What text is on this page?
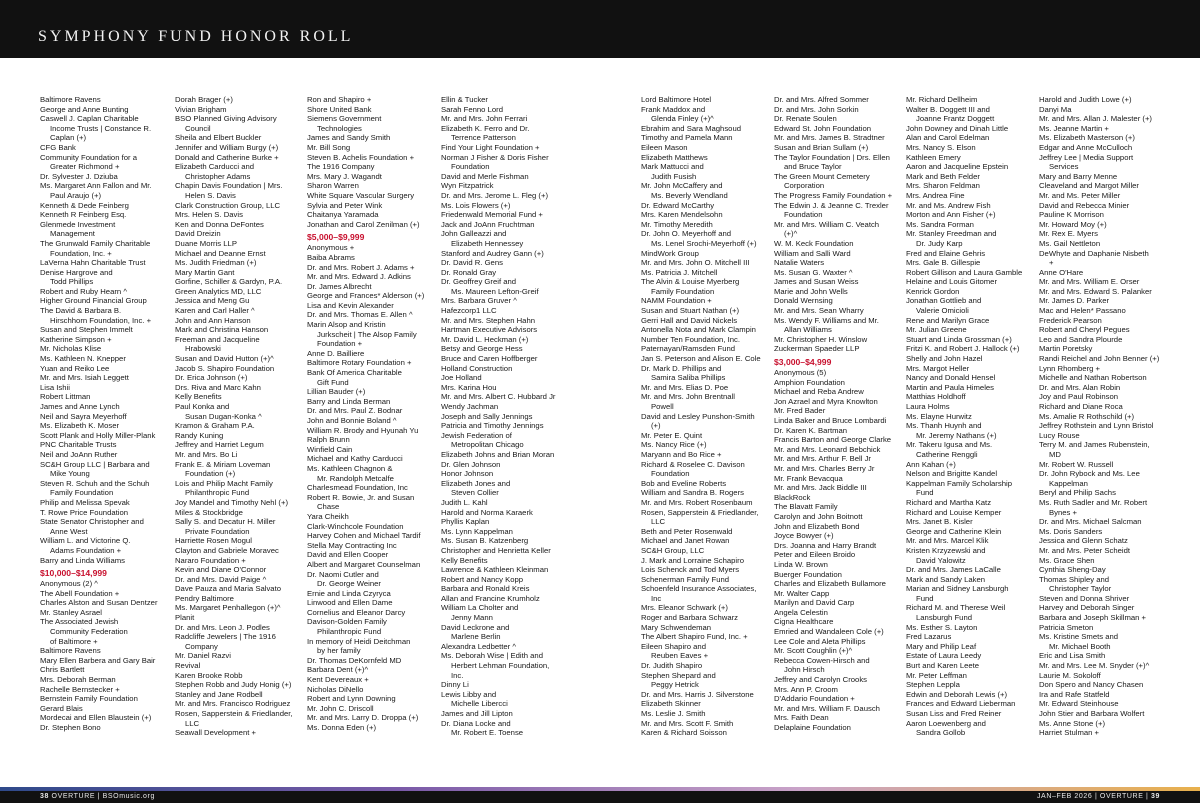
SYMPHONY FUND HONOR ROLL
Baltimore Ravens
George and Anne Bunting
Caswell J. Caplan Charitable
Income Trusts | Constance R.
Caplan (+)
CFG Bank
Community Foundation for a
Greater Richmond +
Dr. Sylvester J. Dziuba
Ms. Margaret Ann Fallon and Mr.
Paul Araujo (+)
Kenneth & Dede Feinberg
Kenneth R Feinberg Esq.
Glenmede Investment
Management
The Grunwald Family Charitable
Foundation, Inc. +
LaVerna Hahn Charitable Trust
Denise Hargrove and
Todd Phillips
Robert and Ruby Hearn ^
Higher Ground Financial Group
The David & Barbara B.
Hirschhorn Foundation, Inc. +
Susan and Stephen Immelt
Katherine Simpson +
Mr. Nicholas Klise
Ms. Kathleen N. Knepper
Yuan and Reiko Lee
Mr. and Mrs. Isiah Leggett
Lisa Ishii
Robert Littman
James and Anne Lynch
Neil and Sayra Meyerhoff
Ms. Elizabeth K. Moser
Scott Plank and Holly Miller-Plank
PNC Charitable Trusts
Neil and JoAnn Ruther
SC&H Group LLC | Barbara and
Mike Young
Steven R. Schuh and the Schuh
Family Foundation
Philip and Melissa Spevak
T. Rowe Price Foundation
State Senator Christopher and
Anne West
William L. and Victorine Q.
Adams Foundation +
Barry and Linda Williams
$10,000–$14,999
Anonymous (2) ^
The Abell Foundation +
Charles Alston and Susan Dentzer
Mr. Stanley Asrael
The Associated Jewish
Community Federation
of Baltimore +
Baltimore Ravens
Mary Ellen Barbera and Gary Bair
Chris Bartlett
Mrs. Deborah Berman
Rachelle Bernstecker +
Bernstein Family Foundation
Gerard Blais
Mordecai and Ellen Blaustein (+)
Dr. Stephen Bono
Dorah Brager (+)
Vivian Brigham
BSO Planned Giving Advisory
Council
Sheila and Elbert Buckler
Jennifer and William Burgy (+)
Donald and Catherine Burke +
Elizabeth Carducci and
Christopher Adams
Chapin Davis Foundation | Mrs.
Helen S. Davis
Clark Construction Group, LLC
Mrs. Helen S. Davis
Ken and Donna DeFontes
David Dreizin
Duane Morris LLP
Michael and Deanne Ernst
Ms. Judith Friedman (+)
Mary Martin Gant
Gorfine, Schiller & Gardyn, P.A.
Green Analytics MD, LLC
Jessica and Meng Gu
Karen and Carl Haller ^
John and Ann Hanson
Mark and Christina Hanson
Freeman and Jacqueline
Hrabowski
Susan and David Hutton (+)^
Jacob S. Shapiro Foundation
Dr. Erica Johnson (+)
Drs. Riva and Marc Kahn
Kelly Benefits
Paul Konka and
Susan Dugan-Konka ^
Kramon & Graham P.A.
Randy Kuning
Jeffrey and Harriet Legum
Mr. and Mrs. Bo Li
Frank E. & Miriam Loveman
Foundation (+)
Lois and Philip Macht Family
Philanthropic Fund
Joy Mandel and Timothy Nehl (+)
Miles & Stockbridge
Sally S. and Decatur H. Miller
Private Foundation
Harriette Rosen Mogul
Clayton and Gabriele Moravec
Nararo Foundation +
Kevin and Diane O'Connor
Dr. and Mrs. David Paige ^
Dave Pauza and Maria Salvato
Pendry Baltimore
Ms. Margaret Penhallegon (+)^
Planit
Dr. and Mrs. Leon J. Podles
Radcliffe Jewelers | The 1916
Company
Mr. Daniel Razvi
Revival
Karen Brooke Robb
Stephen Robb and Judy Honig (+)
Stanley and Jane Rodbell
Mr. and Mrs. Francisco Rodriguez
Rosen, Sapperstein & Friedlander,
LLC
Seawall Development +
Ron and Shapiro +
Shore United Bank
Siemens Government
Technologies
James and Sandy Smith
Mr. Bill Song
Steven B. Achelis Foundation +
The 1916 Company
Mrs. Mary J. Wagandt
Sharon Warren
White Square Vascular Surgery
Sylvia and Peter Wink
Chaitanya Yaramada
Jonathan and Carol Zenilman (+)
$5,000–$9,999
Anonymous +
Baiba Abrams
Dr. and Mrs. Robert J. Adams +
Mr. and Mrs. Edward J. Adkins
Dr. James Albrecht
George and Frances* Alderson (+)
Lisa and Kevin Alexander
Dr. and Mrs. Thomas E. Allen ^
Marin Alsop and Kristin
Jurkscheit | The Alsop Family
Foundation +
Anne D. Bailliere
Baltimore Rotary Foundation +
Bank Of America Charitable
Gift Fund
Lillian Bauder (+)
Barry and Linda Berman
Dr. and Mrs. Paul Z. Bodnar
John and Bonnie Boland ^
William R. Brody and Hyunah Yu
Ralph Brunn
Winfield Cain
Michael and Kathy Carducci
Ms. Kathleen Chagnon &
Mr. Randolph Metcalfe
Charlesmead Foundation, Inc
Robert R. Bowie, Jr. and Susan
Chase
Yara Cheikh
Clark-Winchcole Foundation
Harvey Cohen and Michael Tardif
Stella May Contracting Inc
David and Ellen Cooper
Albert and Margaret Counselman
Dr. Naomi Cutler and
Dr. George Weiner
Ernie and Linda Czyryca
Linwood and Ellen Dame
Cornelius and Eleanor Darcy
Davison-Golden Family
Philanthropic Fund
In memory of Heidi Deitchman
by her family
Dr. Thomas DeKornfeld MD
Barbara Dent (+)^
Kent Devereaux +
Nicholas DiNello
Robert and Lynn Downing
Mr. John C. Driscoll
Mr. and Mrs. Larry D. Droppa (+)
Ms. Donna Eden (+)
Ellin & Tucker
Sarah Fenno Lord
Mr. and Mrs. John Ferrari
Elizabeth K. Ferro and Dr.
Terrence Patterson
Find Your Light Foundation +
Norman J Fisher & Doris Fisher
Foundation
David and Merle Fishman
Wyn Fitzpatrick
Dr. and Mrs. Jerome L. Fleg (+)
Ms. Lois Flowers (+)
Friedenwald Memorial Fund +
Jack and JoAnn Fruchtman
John Galleazzi and
Elizabeth Hennessey
Stanford and Audrey Gann (+)
Dr. David R. Gens
Dr. Ronald Gray
Dr. Geoffrey Greif and
Ms. Maureen Lefton-Greif
Mrs. Barbara Gruver ^
Hafezcorp1 LLC
Mr. and Mrs. Stephen Hahn
Hartman Executive Advisors
Mr. David L. Heckman (+)
Betsy and George Hess
Bruce and Caren Hoffberger
Holland Construction
Joe Holland
Mrs. Karina Hou
Mr. and Mrs. Albert C. Hubbard Jr
Wendy Jachman
Joseph and Sally Jennings
Patricia and Timothy Jennings
Jewish Federation of
Metropolitan Chicago
Elizabeth Johns and Brian Moran
Dr. Glen Johnson
Honor Johnson
Elizabeth Jones and
Steven Collier
Judith L. Kahl
Harold and Norma Karaerk
Phyllis Kaplan
Ms. Lynn Kappelman
Ms. Susan B. Katzenberg
Christopher and Henrietta Keller
Kelly Benefits
Lawrence & Kathleen Kleinman
Robert and Nancy Kopp
Barbara and Ronald Kreis
Allan and Francine Krumholz
William La Cholter and
Jenny Mann
David Leckrone and
Marlene Berlin
Alexandra Ledbetter ^
Ms. Deborah Wise | Edith and
Herbert Lehman Foundation,
Inc.
Dinny Li
Lewis Libby and
Michelle Libercci
James and Jill Lipton
Dr. Diana Locke and
Mr. Robert E. Toense
Lord Baltimore Hotel
Frank Maddox and
Glenda Finley (+)^
Ebrahim and Sara Maghsoud
Timothy and Pamela Mann
Eileen Mason
Elizabeth Matthews
Mark Mattucci and
Judith Fusish
Mr. John McCaffery and
Ms. Beverly Wendland
Dr. Edward McCarthy
Mrs. Karen Mendelsohn
Mr. Timothy Meredith
Dr. John O. Meyerhoff and
Ms. Lenel Srochi-Meyerhoff (+)
MindWork Group
Mr. and Mrs. John O. Mitchell III
Ms. Patricia J. Mitchell
The Alvin & Louise Myerberg
Family Foundation
NAMM Foundation +
Susan and Stuart Nathan (+)
Gerri Hall and David Nickels
Antonella Nota and Mark Clampin
Number Ten Foundation, Inc.
Paternayan/Ramsden Fund
Jan S. Peterson and Alison E. Cole
Dr. Mark D. Phillips and
Samira Saliba Phillips
Mr. and Mrs. Elias D. Poe
Mr. and Mrs. John Brentnall
Powell
David and Lesley Punshon-Smith
(+)
Mr. Peter E. Quint
Ms. Nancy Rice (+)
Maryann and Bo Rice +
Richard & Roselee C. Davison
Foundation
Bob and Eveline Roberts
William and Sandra B. Rogers
Mr. and Mrs. Robert Rosenbaum
Rosen, Sapperstein & Friedlander,
LLC
Beth and Peter Rosenwald
Michael and Janet Rowan
SC&H Group, LLC
J. Mark and Lorraine Schapiro
Lois Schenck and Tod Myers
Schenerman Family Fund
Schoenfeld Insurance Associates,
Inc
Mrs. Eleanor Schwark (+)
Roger and Barbara Schwarz
Mary Schwendeman
The Albert Shapiro Fund, Inc. +
Eileen Shapiro and
Reuben Eaves +
Dr. Judith Shapiro
Stephen Shepard and
Peggy Hetrick
Dr. and Mrs. Harris J. Silverstone
Elizabeth Skinner
Ms. Leslie J. Smith
Mr. and Mrs. Scott F. Smith
Karen & Richard Soisson
Dr. and Mrs. Alfred Sommer
Dr. and Mrs. John Sorkin
Dr. Renate Soulen
Edward St. John Foundation
Mr. and Mrs. James B. Stradtner
Susan and Brian Sullam (+)
The Taylor Foundation | Drs. Ellen
and Bruce Taylor
The Green Mount Cemetery
Corporation
The Progress Family Foundation +
The Edwin J. & Jeanne C. Trexler
Foundation
Mr. and Mrs. William C. Veatch
(+)^
W. M. Keck Foundation
William and Salli Ward
Natalie Waters
Ms. Susan G. Waxter ^
James and Susan Weiss
Marie and John Wells
Donald Wernsing
Mr. and Mrs. Sean Wharry
Ms. Wendy F. Williams and Mr.
Allan Williams
Mr. Christopher H. Winslow
Zuckerman Spaeder LLP
$3,000–$4,999
Anonymous (5)
Amphion Foundation
Michael and Reba Andrew
Jon Azrael and Myra Knowlton
Mr. Fred Bader
Linda Baker and Bruce Lombardi
Dr. Karen K. Bartman
Francis Barton and George Clarke
Mr. and Mrs. Leonard Bebchick
Mr. and Mrs. Arthur F. Bell Jr
Mr. and Mrs. Charles Berry Jr
Mr. Frank Bevacqua
Mr. and Mrs. Jack Biddle III
BlackRock
The Blavatt Family
Carolyn and John Boitnott
John and Elizabeth Bond
Joyce Bowyer (+)
Drs. Joanna and Harry Brandt
Peter and Eileen Broido
Linda W. Brown
Buerger Foundation
Charles and Elizabeth Bullamore
Mr. Walter Capp
Marilyn and David Carp
Angela Celestin
Cigna Healthcare
Emried and Wandaleen Cole (+)
Lee Cole and Aleta Phillips
Mr. Scott Coughlin (+)^
Rebecca Cowen-Hirsch and
John Hirsch
Jeffrey and Carolyn Crooks
Mrs. Ann P. Croom
D'Addario Foundation +
Mr. and Mrs. William F. Dausch
Mrs. Faith Dean
Delaplaine Foundation
Mr. Richard Dellheim
Walter B. Doggett III and
Joanne Frantz Doggett
John Downey and Dinah Little
Alan and Carol Edelman
Mrs. Nancy S. Elson
Kathleen Emery
Aaron and Jacqueline Epstein
Mark and Beth Felder
Mrs. Sharon Feldman
Mrs. Andrea Fine
Mr. and Ms. Andrew Fish
Morton and Ann Fisher (+)
Ms. Sandra Forman
Mr. Stanley Freedman and
Dr. Judy Karp
Fred and Elaine Gehris
Mrs. Gale B. Gillespie
Robert Gillison and Laura Gamble
Helaine and Louis Gitomer
Kenrick Gordon
Jonathan Gottlieb and
Valerie Omicioli
Rene and Marilyn Grace
Mr. Julian Greene
Stuart and Linda Grossman (+)
Fritzi K. and Robert J. Hallock (+)
Shelly and John Hazel
Mrs. Margot Heller
Nancy and Donald Hensel
Martin and Paula Himeles
Matthias Holdhoff
Laura Holms
Ms. Elayne Hurwitz
Ms. Thanh Huynh and
Mr. Jeremy Nathans (+)
Mr. Takeru Igusa and Ms.
Catherine Renggli
Ann Kahan (+)
Nelson and Brigitte Kandel
Kappelman Family Scholarship
Fund
Richard and Martha Katz
Richard and Louise Kemper
Mrs. Janet B. Kisler
George and Catherine Klein
Mr. and Mrs. Marcel Klik
Kristen Krzyzewski and
David Yalowitz
Dr. and Mrs. James LaCalle
Mark and Sandy Laken
Marian and Sidney Lansburgh
Fund
Richard M. and Therese Weil
Lansburgh Fund
Ms. Esther S. Layton
Fred Lazarus
Mary and Philip Leaf
Estate of Laura Leedy
Burt and Karen Leete
Mr. Peter Leffman
Stephen Leppla
Edwin and Deborah Lewis (+)
Frances and Edward Lieberman
Susan Liss and Fred Reiner
Aaron Loewenberg and
Sandra Gollob
Harold and Judith Lowe (+)
Danyi Ma
Mr. and Mrs. Allan J. Malester (+)
Ms. Jeanne Martin +
Ms. Elizabeth Masterson (+)
Edgar and Anne McCulloch
Jeffrey Lee | Media Support
Services
Mary and Barry Menne
Cleaveland and Margot Miller
Mr. and Ms. Peter Miller
David and Rebecca Minier
Pauline K Morrison
Mr. Howard Moy (+)
Mr. Rex E. Myers
Ms. Gail Nettleton
DeWhyte and Daphanie Nisbeth
+
Anne O'Hare
Mr. and Mrs. William E. Orser
Mr. and Mrs. Edward S. Palanker
Mr. James D. Parker
Mac and Helen* Passano
Frederick Pearson
Robert and Cheryl Pegues
Leo and Sandra Plourde
Martin Poretsky
Randi Reichel and John Benner (+)
Lynn Rhomberg +
Michelle and Nathan Robertson
Dr. and Mrs. Alan Robin
Joy and Paul Robinson
Richard and Diane Roca
Ms. Amalie R Rothschild (+)
Jeffrey Rothstein and Lynn Bristol
Lucy Rouse
Terry M. and James Rubenstein,
MD
Mr. Robert W. Russell
Dr. John Rybock and Ms. Lee
Kappelman
Beryl and Philip Sachs
Ms. Ruth Sadler and Mr. Robert
Bynes +
Dr. and Mrs. Michael Salcman
Ms. Doris Sanders
Jessica and Glenn Schatz
Mr. and Mrs. Peter Scheidt
Ms. Grace Shen
Cynthia Sheng-Day
Thomas Shipley and
Christopher Taylor
Steven and Donna Shriver
Harvey and Deborah Singer
Barbara and Joseph Skillman +
Patricia Smeton
Ms. Kristine Smets and
Mr. Michael Booth
Eric and Lisa Smith
Mr. and Mrs. Lee M. Snyder (+)^
Laurie M. Sokoloff
Don Spero and Nancy Chasen
Ira and Rafe Statfeld
Mr. Edward Steinhouse
John Stier and Barbara Wolfert
Ms. Anne Stone (+)
Harriet Stulman +
38 OVERTURE | BSOmusic.org	JAN–FEB 2026 | OVERTURE | 39
